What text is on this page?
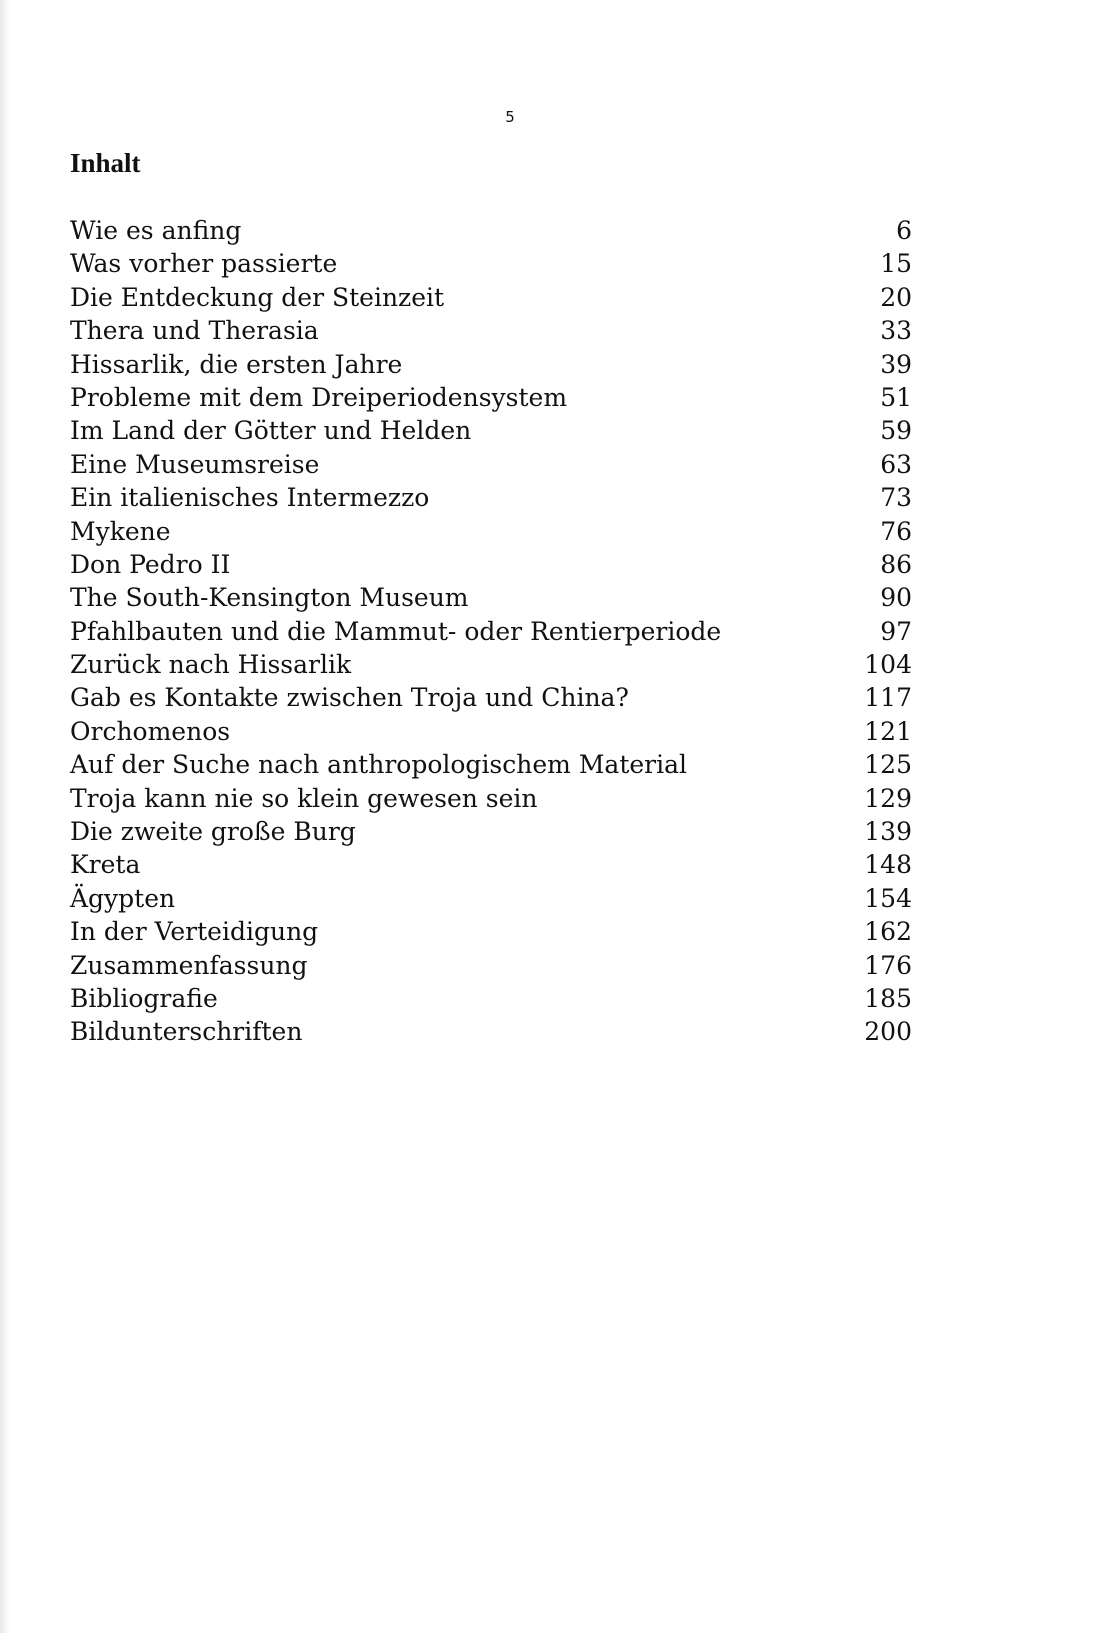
5
Inhalt
Wie es anfing	6
Was vorher passierte	15
Die Entdeckung der Steinzeit	20
Thera und Therasia	33
Hissarlik, die ersten Jahre	39
Probleme mit dem Dreiperiodensystem	51
Im Land der Götter und Helden	59
Eine Museumsreise	63
Ein italienisches Intermezzo	73
Mykene	76
Don Pedro II	86
The South-Kensington Museum	90
Pfahlbauten und die Mammut- oder Rentierperiode	97
Zurück nach Hissarlik	104
Gab es Kontakte zwischen Troja und China?	117
Orchomenos	121
Auf der Suche nach anthropologischem Material	125
Troja kann nie so klein gewesen sein	129
Die zweite große Burg	139
Kreta	148
Ägypten	154
In der Verteidigung	162
Zusammenfassung	176
Bibliografie	185
Bildunterschriften	200
